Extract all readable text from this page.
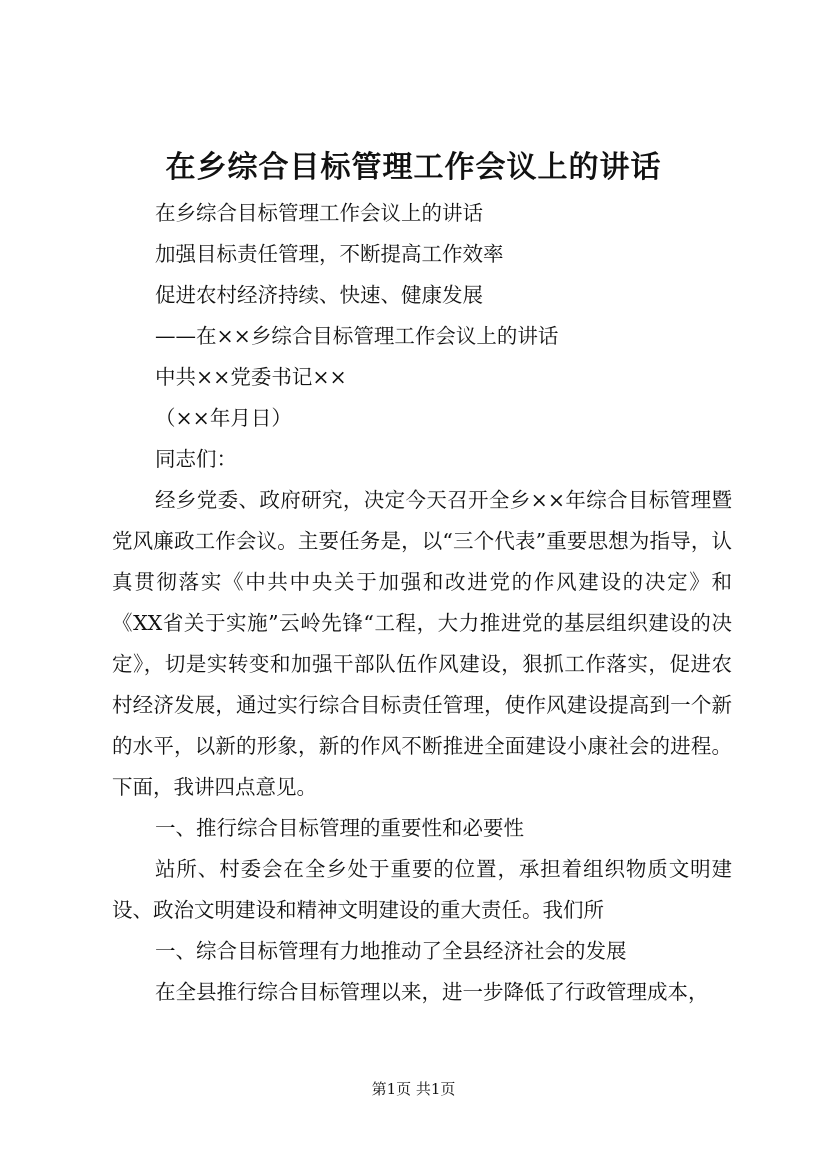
在乡综合目标管理工作会议上的讲话

在乡综合目标管理工作会议上的讲话

加强目标责任管理，不断提高工作效率

促进农村经济持续、快速、健康发展

——在××乡综合目标管理工作会议上的讲话

中共××党委书记××

（××年月日）

同志们：

经乡党委、政府研究，决定今天召开全乡××年综合目标管理暨党风廉政工作会议。主要任务是，以“三个代表”重要思想为指导，认真贯彻落实《中共中央关于加强和改进党的作风建设的决定》和《XX省关于实施”云岭先锋“工程，大力推进党的基层组织建设的决定》，切是实转变和加强干部队伍作风建设，狠抓工作落实，促进农村经济发展，通过实行综合目标责任管理，使作风建设提高到一个新的水平，以新的形象，新的作风不断推进全面建设小康社会的进程。下面，我讲四点意见。

一、推行综合目标管理的重要性和必要性

站所、村委会在全乡处于重要的位置，承担着组织物质文明建设、政治文明建设和精神文明建设的重大责任。我们所

一、综合目标管理有力地推动了全县经济社会的发展

在全县推行综合目标管理以来，进一步降低了行政管理成本，

第1页 共1页
